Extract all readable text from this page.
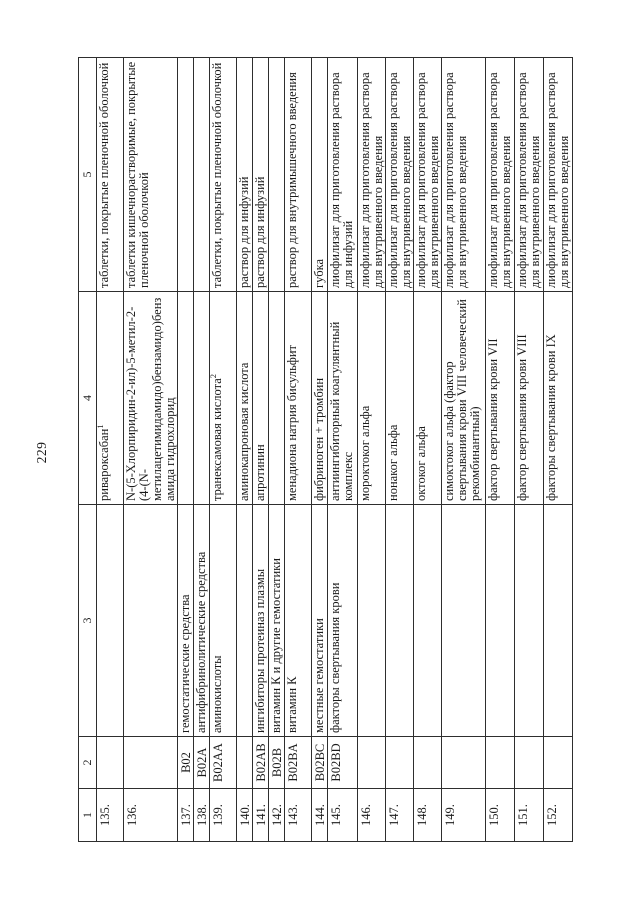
229
1	2	3	4	5
135.			ривароксабан$^1$	таблетки, покрытые пленочной оболочкой
136.			N-(5-Хлорпиридин-2-ил)-5-метил-2-(4-(N-метилацетимидамидо)бензамидо)бензамида гидрохлорид	таблетки кишечнорастворимые, покрытые пленочной оболочкой
137.	B02	гемостатические средства		
138.	B02A	антифибринолитические средства		
139.	B02AA	аминокислоты	транексамовая кислота$^2$	таблетки, покрытые пленочной оболочкой
140.			аминокапроновая кислота	раствор для инфузий
141.	B02AB	ингибиторы протеиназ плазмы	апротинин	раствор для инфузий
142.	B02B	витамин К и другие гемостатики		
143.	B02BA	витамин К	менадиона натрия бисульфит	раствор для внутримышечного введения
144.	B02BC	местные гемостатики	фибриноген + тромбин	губка
145.	B02BD	факторы свертывания крови	антиингибиторный коагулянтный комплекс	лиофилизат для приготовления раствора для инфузий
146.			мороктоког альфа	лиофилизат для приготовления раствора для внутривенного введения
147.			нонаког альфа	лиофилизат для приготовления раствора для внутривенного введения
148.			октоког альфа	лиофилизат для приготовления раствора для внутривенного введения
149.			симоктоког альфа (фактор свертывания крови VIII человеческий рекомбинантный)	лиофилизат для приготовления раствора для внутривенного введения
150.			фактор свертывания крови VII	лиофилизат для приготовления раствора для внутривенного введения
151.			фактор свертывания крови VIII	лиофилизат для приготовления раствора для внутривенного введения
152.			факторы свертывания крови IX	лиофилизат для приготовления раствора для внутривенного введения
